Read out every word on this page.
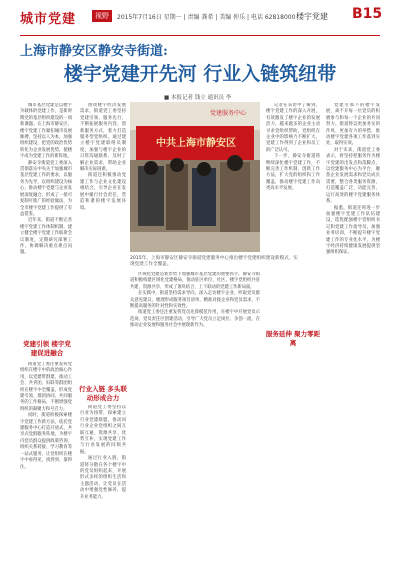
城市党建	视野	2015年7月16日 星期一 | 责编 龚希 | 美编 仲乐 | 电话 62818000 楼宇党建 B15
上海市静安区静安寺街道:
楼宇党建开先河 行业入链筑纽带
■ 本报记者 钱立 通讯员 李

城市基层党建是以楼宇为载体的党建工作，是新时期党的基层组织建设的一项新课题。在上海市静安区，楼宇党建工作紧扣城市发展脉搏，坚持以人为本，加强组织建设，把党的政治优势转化为企业发展优势，使楼宇成为党建工作的新阵地。

静安寺街道党工委深入贯彻落实中央关于加强城市基层党建工作的要求，以服务为先导，以组织建设为核心，推动楼宇党建与企业发展深度融合，形成了一批可复制可推广的经验做法，为全市楼宇党建工作提供了有益借鉴。

近年来，街道不断完善楼宇党建工作体制机制，建立健全楼宇党建工作联席会议制度，定期研究部署工作，协调解决重点难点问题。

党建引领 楼宇党建促进融合

街道党工委注重发挥党组织在楼宇中的政治核心作用，以党建带群建，推动工会、共青团、妇联等群团组织在楼宇中全覆盖，形成党建引领、群团协同、共同服务的工作格局，不断增强党组织的凝聚力和号召力。

同时，街道积极探索楼宇党建工作新方法，依托党建服务中心打造开放式、共享式党群服务阵地，为楼宇内党员群众提供政策咨询、组织关系转接、学习教育等一站式服务，让党组织在楼宇中看得见、找得到、靠得住。

围绕楼宇经济发展需求，街道党工委坚持党建引领、服务先行，不断拓展服务内容，创新服务方式，着力打造服务型党组织。通过建立楼宇党建联络员制度，加强与楼宇企业的日常沟通联系，及时了解企业需求，帮助企业解决实际困难。

街道还积极推动党建工作与企业文化建设相结合，引导企业在发展中履行社会责任，营造和谐的楼宇发展环境。

行业入链 多头联动形成合力

街道党工委坚持以行业为纽带，探索建立行业党建联盟，推动同行业企业党组织之间互联互通、资源共享、优势互补，实现党建工作与行业发展的同频共振。

通过行业入链，街道将分散在各个楼宇中的党员组织起来，开展形式多样的组织生活和主题活动，让党员在活动中增强党性修养，提升业务能力。

中共上海市静安区
党建服务中心
2015年，上海市静安区静安寺街道党建服务中心推出楼宇党建组织建设新模式，实现党建工作全覆盖。

区域化党建是新形势下加强城市基层党建的重要抓手。静安寺街道积极构建区域化党建格局，推动驻区单位、社区、楼宇党组织共驻共建、资源共享，形成了条块结合、上下联动的党建工作新局面。

在实践中，街道坚持需求导向，深入走访楼宇企业，听取党员群众意见建议，梳理形成服务项目清单，精准对接企业和党员需求，不断提高服务的针对性和实效性。

街道党工委还注重发挥党员先锋模范作用，在楼宇中开展党员示范岗、党员责任区创建活动，引导广大党员立足岗位、争创一流，在推动企业发展和服务社会中展现新作为。

记者在采访中了解到，楼宇党建工作的深入开展，有效激发了楼宇企业的发展活力。越来越多的企业主动寻求党组织帮助，党组织在企业中的影响力不断扩大，党建工作得到了企业和员工的广泛认可。

下一步，静安寺街道将继续深化楼宇党建工作，不断完善工作机制，创新工作方法，扩大党的组织和工作覆盖，推动楼宇党建工作向更高水平发展。

服务延伸 聚力零距离

党建引领下的楼宇发展，离不开每一位党员的积极参与和每一个企业的共同努力。街道将以更加务实的作风、更加有力的举措，推动楼宇党建各项工作落到实处、取得实效。

对于未来，街道党工委表示，将坚持把服务作为楼宇党建的出发点和落脚点，以党建服务中心为平台，聚焦企业发展需求和党员成长需要，整合各类服务资源，打造覆盖广泛、功能完善、运行高效的楼宇党建服务体系。

据悉，街道还将进一步加强楼宇党建工作队伍建设，选优配强楼宇党组织书记和党建工作指导员，加强业务培训，不断提升楼宇党建工作的专业化水平，为楼宇经济持续健康发展提供坚强组织保证。
